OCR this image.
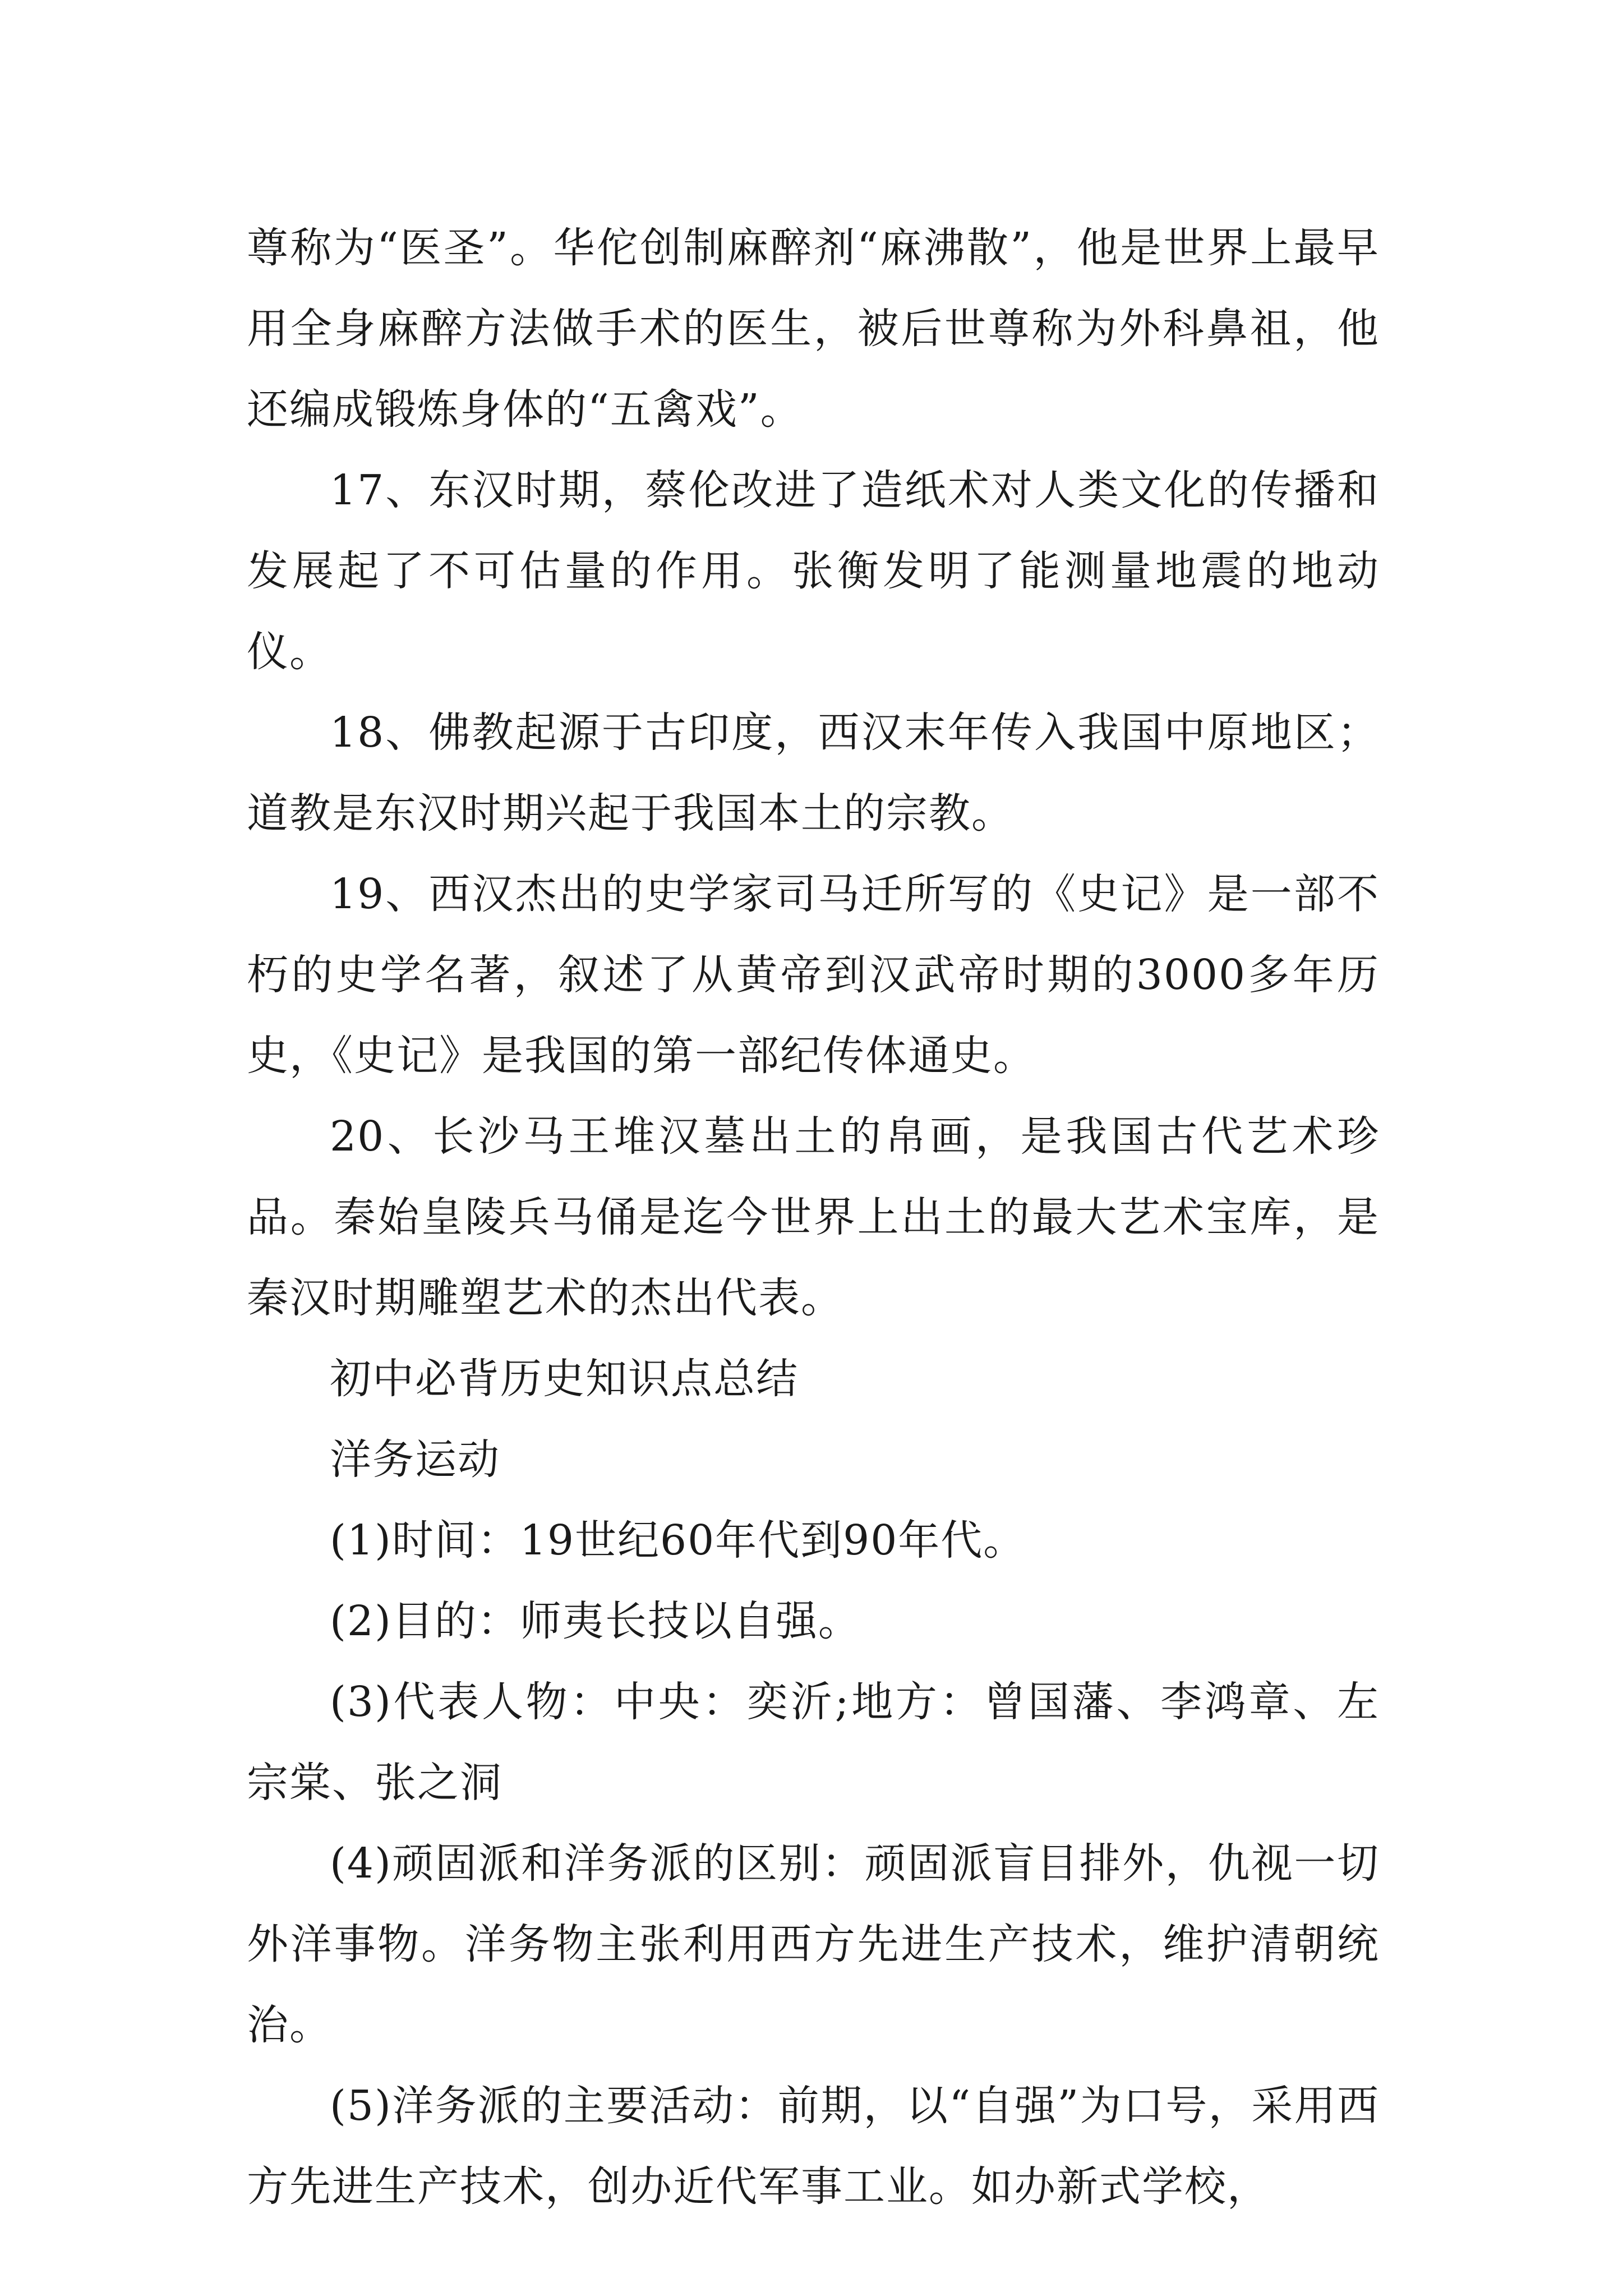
尊称为“医圣”。华佗创制麻醉剂“麻沸散”，他是世界上最早用全身麻醉方法做手术的医生，被后世尊称为外科鼻祖，他还编成锻炼身体的“五禽戏”。

17、东汉时期，蔡伦改进了造纸术对人类文化的传播和发展起了不可估量的作用。张衡发明了能测量地震的地动仪。

18、佛教起源于古印度，西汉末年传入我国中原地区；道教是东汉时期兴起于我国本土的宗教。

19、西汉杰出的史学家司马迁所写的《史记》是一部不朽的史学名著，叙述了从黄帝到汉武帝时期的3000多年历史，《史记》是我国的第一部纪传体通史。

20、长沙马王堆汉墓出土的帛画，是我国古代艺术珍品。秦始皇陵兵马俑是迄今世界上出土的最大艺术宝库，是秦汉时期雕塑艺术的杰出代表。

初中必背历史知识点总结

洋务运动

(1)时间：19世纪60年代到90年代。

(2)目的：师夷长技以自强。

(3)代表人物：中央：奕沂;地方：曾国藩、李鸿章、左宗棠、张之洞

(4)顽固派和洋务派的区别：顽固派盲目排外，仇视一切外洋事物。洋务物主张利用西方先进生产技术，维护清朝统治。

(5)洋务派的主要活动：前期，以“自强”为口号，采用西方先进生产技术，创办近代军事工业。如办新式学校，
